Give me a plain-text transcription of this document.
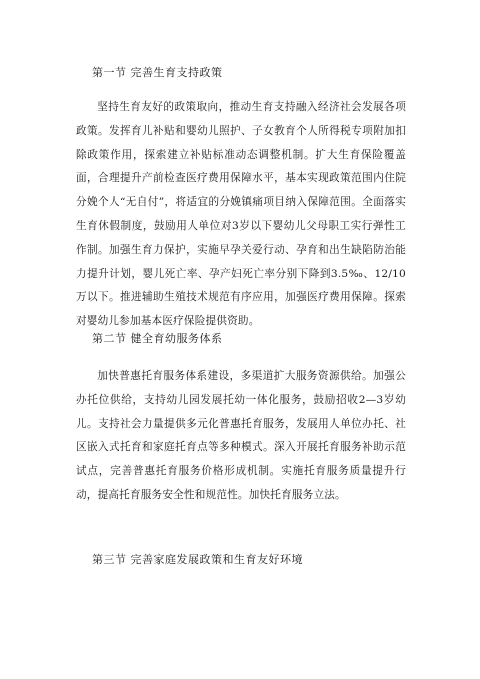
第一节 完善生育支持政策

坚持生育友好的政策取向，推动生育支持融入经济社会发展各项政策。发挥育儿补贴和婴幼儿照护、子女教育个人所得税专项附加扣除政策作用，探索建立补贴标准动态调整机制。扩大生育保险覆盖面，合理提升产前检查医疗费用保障水平，基本实现政策范围内住院分娩个人“无自付”，将适宜的分娩镇痛项目纳入保障范围。全面落实生育休假制度，鼓励用人单位对3岁以下婴幼儿父母职工实行弹性工作制。加强生育力保护，实施早孕关爱行动、孕育和出生缺陷防治能力提升计划，婴儿死亡率、孕产妇死亡率分别下降到3.5‰、12/10万以下。推进辅助生殖技术规范有序应用，加强医疗费用保障。探索对婴幼儿参加基本医疗保险提供资助。

第二节 健全育幼服务体系

加快普惠托育服务体系建设，多渠道扩大服务资源供给。加强公办托位供给，支持幼儿园发展托幼一体化服务，鼓励招收2—3岁幼儿。支持社会力量提供多元化普惠托育服务，发展用人单位办托、社区嵌入式托育和家庭托育点等多种模式。深入开展托育服务补助示范试点，完善普惠托育服务价格形成机制。实施托育服务质量提升行动，提高托育服务安全性和规范性。加快托育服务立法。

第三节 完善家庭发展政策和生育友好环境
